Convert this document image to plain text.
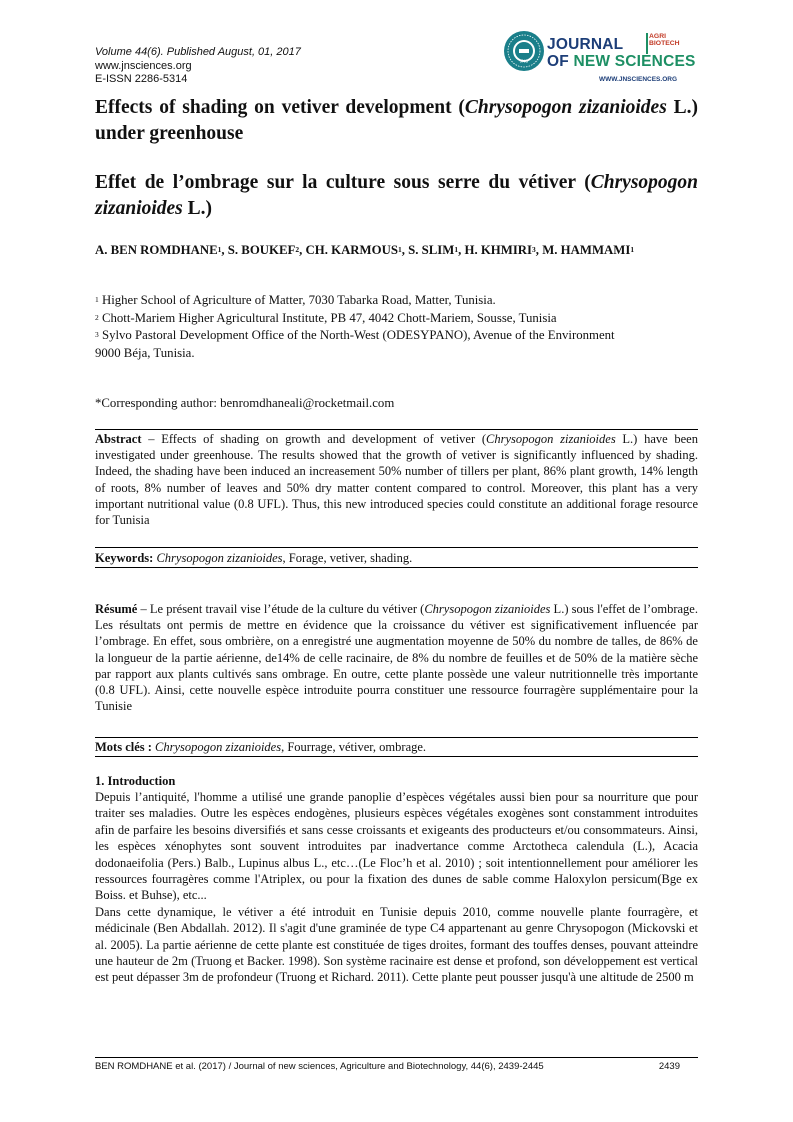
Volume 44(6). Published August, 01, 2017
www.jnsciences.org
E-ISSN 2286-5314
JNS
JOURNAL	AGRI
BIOTECH
OF NEW SCIENCES
WWW.JNSCIENCES.ORG
Effects of shading on vetiver development (Chrysopogon zizanioides L.) under greenhouse
Effet de l’ombrage sur la culture sous serre du vétiver (Chrysopogon zizanioides L.)
A. BEN ROMDHANE$^1$, S. BOUKEF$^2$, CH. KARMOUS$^1$, S. SLIM$^1$, H. KHMIRI$^3$, M. HAMMAMI$^1$
$^1$ Higher School of Agriculture of Matter, 7030 Tabarka Road, Matter, Tunisia.
$^2$ Chott-Mariem Higher Agricultural Institute, PB 47, 4042 Chott-Mariem, Sousse, Tunisia
$^3$ Sylvo Pastoral Development Office of the North-West (ODESYPANO), Avenue of the Environment
9000 Béja, Tunisia.
*Corresponding author: benromdhaneali@rocketmail.com
Abstract – Effects of shading on growth and development of vetiver (Chrysopogon zizanioides L.) have been investigated under greenhouse. The results showed that the growth of vetiver is significantly influenced by shading. Indeed, the shading have been induced an increasement 50% number of tillers per plant, 86% plant growth, 14% length of roots, 8% number of leaves and 50% dry matter content compared to control. Moreover, this plant has a very important nutritional value (0.8 UFL). Thus, this new introduced species could constitute an additional forage resource for Tunisia
Keywords: Chrysopogon zizanioides, Forage, vetiver, shading.
Résumé – Le présent travail vise l’étude de la culture du vétiver (Chrysopogon zizanioides L.) sous l'effet de l’ombrage. Les résultats ont permis de mettre en évidence que la croissance du vétiver est significativement influencée par l’ombrage. En effet, sous ombrière, on a enregistré une augmentation moyenne de 50% du nombre de talles, de 86% de la longueur de la partie aérienne, de14% de celle racinaire, de 8% du nombre de feuilles et de 50% de la matière sèche par rapport aux plants cultivés sans ombrage. En outre, cette plante possède une valeur nutritionnelle très importante (0.8 UFL). Ainsi, cette nouvelle espèce introduite pourra constituer une ressource fourragère supplémentaire pour la Tunisie
Mots clés : Chrysopogon zizanioides, Fourrage, vétiver, ombrage.
1. Introduction

Depuis l’antiquité, l'homme a utilisé une grande panoplie d’espèces végétales aussi bien pour sa nourriture que pour traiter ses maladies. Outre les espèces endogènes, plusieurs espèces végétales exogènes sont constamment introduites afin de parfaire les besoins diversifiés et sans cesse croissants et exigeants des producteurs et/ou consommateurs. Ainsi, les espèces xénophytes sont souvent introduites par inadvertance comme Arctotheca calendula (L.), Acacia dodonaeifolia (Pers.) Balb., Lupinus albus L., etc…(Le Floc’h et al. 2010) ; soit intentionnellement pour améliorer les ressources fourragères comme l'Atriplex, ou pour la fixation des dunes de sable comme Haloxylon persicum(Bge ex Boiss. et Buhse), etc...

Dans cette dynamique, le vétiver a été introduit en Tunisie depuis 2010, comme nouvelle plante fourragère, et médicinale (Ben Abdallah. 2012). Il s'agit d'une graminée de type C4 appartenant au genre Chrysopogon (Mickovski et al. 2005). La partie aérienne de cette plante est constituée de tiges droites, formant des touffes denses, pouvant atteindre une hauteur de 2m (Truong et Backer. 1998). Son système racinaire est dense et profond, son développement est vertical est peut dépasser 3m de profondeur (Truong et Richard. 2011). Cette plante peut pousser jusqu'à une altitude de 2500 m

BEN ROMDHANE et al. (2017) / Journal of new sciences, Agriculture and Biotechnology, 44(6), 2439-2445	2439
